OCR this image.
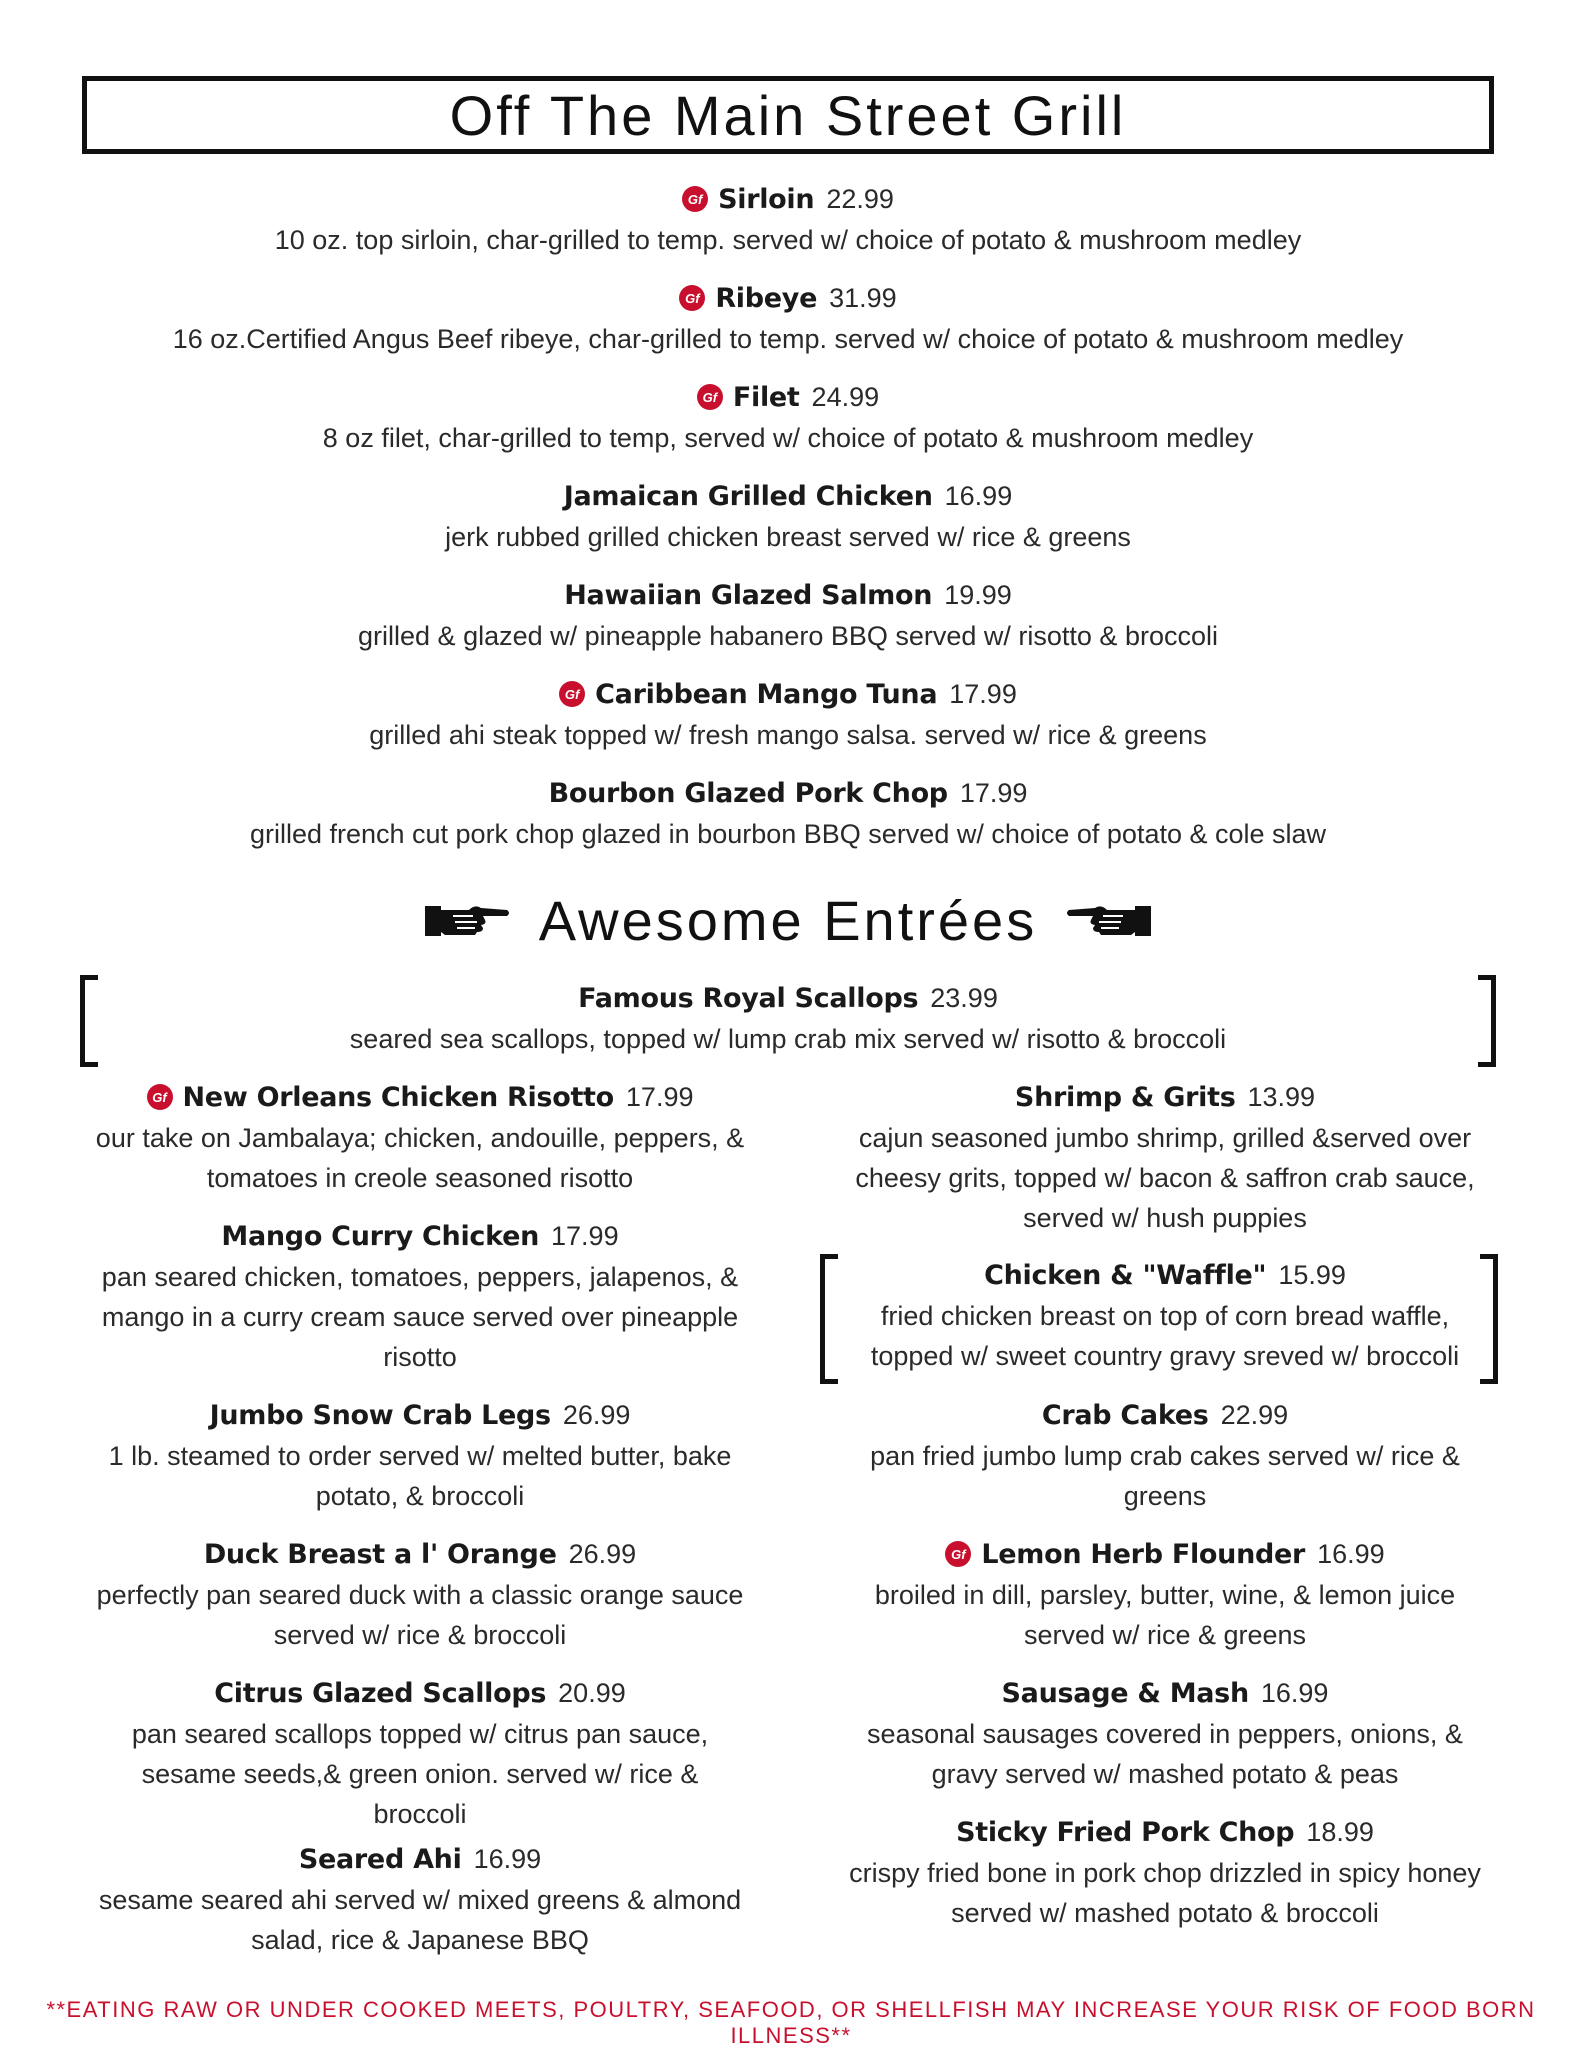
Off The Main Street Grill
Gf Sirloin 22.99
10 oz. top sirloin, char-grilled to temp. served w/ choice of potato & mushroom medley
Gf Ribeye 31.99
16 oz.Certified Angus Beef ribeye, char-grilled to temp. served w/ choice of potato & mushroom medley
Gf Filet 24.99
8 oz filet, char-grilled to temp, served w/ choice of potato & mushroom medley
Jamaican Grilled Chicken 16.99
jerk rubbed grilled chicken breast served w/ rice & greens
Hawaiian Glazed Salmon 19.99
grilled & glazed w/ pineapple habanero BBQ served w/ risotto & broccoli
Gf Caribbean Mango Tuna 17.99
grilled ahi steak topped w/ fresh mango salsa. served w/ rice & greens
Bourbon Glazed Pork Chop 17.99
grilled french cut pork chop glazed in bourbon BBQ served w/ choice of potato & cole slaw
Awesome Entrées
Famous Royal Scallops 23.99
seared sea scallops, topped w/ lump crab mix served w/ risotto & broccoli
Gf New Orleans Chicken Risotto 17.99
our take on Jambalaya; chicken, andouille, peppers, &
tomatoes in creole seasoned risotto
Mango Curry Chicken 17.99
pan seared chicken, tomatoes, peppers, jalapenos, &
mango in a curry cream sauce served over pineapple
risotto
Jumbo Snow Crab Legs 26.99
1 lb. steamed to order served w/ melted butter, bake
potato, & broccoli
Duck Breast a l' Orange 26.99
perfectly pan seared duck with a classic orange sauce
served w/ rice & broccoli
Citrus Glazed Scallops 20.99
pan seared scallops topped w/ citrus pan sauce,
sesame seeds,& green onion. served w/ rice &
broccoli
Seared Ahi 16.99
sesame seared ahi served w/ mixed greens & almond
salad, rice & Japanese BBQ
Shrimp & Grits 13.99
cajun seasoned jumbo shrimp, grilled &served over
cheesy grits, topped w/ bacon & saffron crab sauce,
served w/ hush puppies
Chicken & "Waffle" 15.99
fried chicken breast on top of corn bread waffle,
topped w/ sweet country gravy sreved w/ broccoli
Crab Cakes 22.99
pan fried jumbo lump crab cakes served w/ rice &
greens
Gf Lemon Herb Flounder 16.99
broiled in dill, parsley, butter, wine, & lemon juice
served w/ rice & greens
Sausage & Mash 16.99
seasonal sausages covered in peppers, onions, &
gravy served w/ mashed potato & peas
Sticky Fried Pork Chop 18.99
crispy fried bone in pork chop drizzled in spicy honey
served w/ mashed potato & broccoli
**EATING RAW OR UNDER COOKED MEETS, POULTRY, SEAFOOD, OR SHELLFISH MAY INCREASE YOUR RISK OF FOOD BORN ILLNESS**
